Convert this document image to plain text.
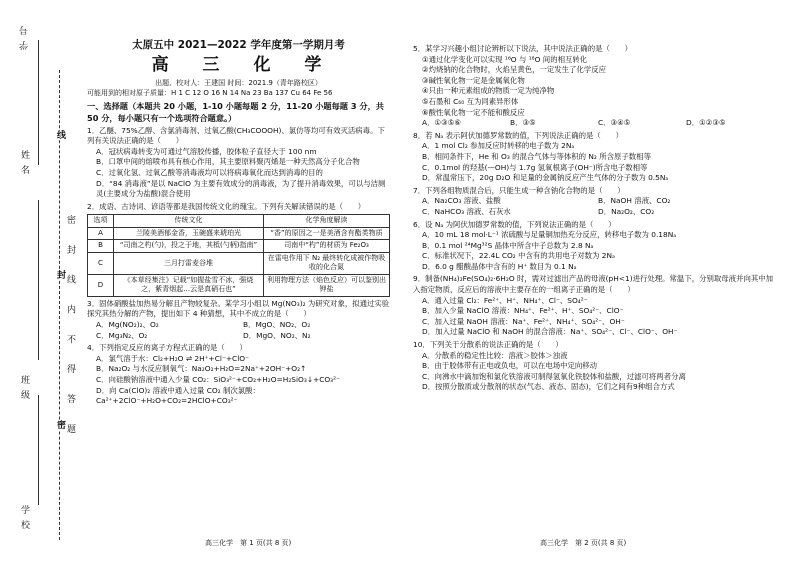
姓名
学号
班级
学校
线
封
密 密 封 线 内 不 得 答 题
太原五中 2021—2022 学年度第一学期月考
高 三 化 学
出题、校对人：王建国 时间：2021.9（青年路校区）
可能用到的相对原子质量：H 1 C 12 O 16 N 14 Na 23 Ba 137 Cu 64 Fe 56
一、选择题（本题共 20 小题，1-10 小题每题 2 分，11-20 小题每题 3 分，共 50 分，每小题只有一个选项符合题意。）
1．乙醚、75%乙醇、含氯消毒剂、过氧乙酸(CH₃COOOH)、氯仿等均可有效灭活病毒。下列有关说法正确的是（　　）
A．冠状病毒转变为可通过气溶胶传播，胶体粒子直径大于 100 nm
B．口罩中间的熔喷布具有核心作用，其主要原料聚丙烯是一种天然高分子化合物
C．过氧化氢、过氧乙酸等消毒液均可以将病毒氧化而达到消毒的目的
D．“84 消毒液”是以 NaClO 为主要有效成分的消毒液，为了提升消毒效果，可以与洁厕灵(主要成分为盐酸)混合使用
2．成语、古诗词、谚语等都是我国传统文化的瑰宝。下列有关解读错误的是（　　）
选项	传统文化	化学角度解读
A	兰陵美酒郁金香，玉碗盛来琥珀光	“香”的原因之一是美酒含有酯类物质
B	“司南之杓(勺)，投之于地，其柢(勺柄)指南”	司南中“杓”的材质为 Fe₂O₃
C	三月打雷麦谷堆	在雷电作用下 N₂ 最终转化成被作物吸收的化合氮
D	《本草经集注》记载“如握盐雪不冰，强烧之，紫青烟起…云是真硝石也”	利用物理方法（焰色反应）可以鉴别出钾盐
3．固体硝酸盐加热易分解且产物较复杂。某学习小组以 Mg(NO₃)₂ 为研究对象，拟通过实验探究其热分解的产物，提出如下 4 种猜想，其中不成立的是（　　）
A．Mg(NO₂)₂、O₂	B．MgO、NO₂、O₂
C．Mg₃N₂、O₂	D．MgO、NO₂、N₂
4．下列指定反应的离子方程式正确的是（　　）
A．氯气溶于水：Cl₂+H₂O ⇌ 2H⁺+Cl⁻+ClO⁻
B．Na₂O₂ 与水反应制氧气：Na₂O₂+H₂O=2Na⁺+2OH⁻+O₂↑
C．向硅酸钠溶液中通入少量 CO₂：SiO₃²⁻+CO₂+H₂O=H₂SiO₃↓+CO₃²⁻
D．向 Ca(ClO)₂ 溶液中通入过量 CO₂ 制次氯酸：Ca²⁺+2ClO⁻+H₂O+CO₂=2HClO+CO₃²⁻
5．某学习兴趣小组讨论辨析以下说法，其中说法正确的是（　　）
①通过化学变化可以实现 ¹⁶O 与 ¹⁸O 间的相互转化
②灼烧钠的化合物时，火焰呈黄色，一定发生了化学反应
③碱性氧化物一定是金属氧化物
④只由一种元素组成的物质一定为纯净物
⑤石墨和 C₆₀ 互为同素异形体
⑥酸性氧化物一定不能和酸反应
A．①③⑤⑥	B．③⑤	C．③④⑤	D．①②③⑤
8．若 Nₐ 表示阿伏加德罗常数的值，下列说法正确的是（　　）
A．1 mol Cl₂ 参加反应时转移的电子数为 2Nₐ
B．相同条件下，He 和 O₃ 的混合气体与等体积的 N₂ 所含原子数相等
C．0.1mol 的羟基(—OH)与 1.7g 氢氧根离子(OH⁻)所含电子数相等
D．常温常压下，20g D₂O 和足量的金属钠反应产生气体的分子数为 0.5Nₐ
7．下列各组物质混合后，只能生成一种含钠化合物的是（　　）
A．Na₂CO₃ 溶液、盐酸	B．NaOH 溶液、CO₂
C．NaHCO₃ 溶液、石灰水	D．Na₂O₂、CO₂
6．设 Nₐ 为阿伏加德罗常数的值，下列说法正确的是（　　）
A．10 mL 18 mol·L⁻¹ 浓硫酸与足量铜加热充分反应，转移电子数为 0.18Nₐ
B．0.1 mol ²⁴Mg³²S 晶体中所含中子总数为 2.8 Nₐ
C．标准状况下，22.4L CO₂ 中含有的共用电子对数为 2Nₐ
D．6.0 g 醋酸晶体中含有的 H⁺ 数目为 0.1 Nₐ
9．制备(NH₄)₂Fe(SO₄)₂·6H₂O 时，需对过滤出产品的母液(pH<1)进行处理。常温下，分别取母液并向其中加入指定物质，反应后的溶液中主要存在的一组离子正确的是（　　）
A．通入过量 Cl₂：Fe²⁺、H⁺、NH₄⁺、Cl⁻、SO₄²⁻
B．加入少量 NaClO 溶液：NH₄⁺、Fe²⁺、H⁺、SO₄²⁻、ClO⁻
C．加入过量 NaOH 溶液：Na⁺、Fe²⁺、NH₄⁺、SO₄²⁻、OH⁻
D．加入过量 NaClO 和 NaOH 的混合溶液：Na⁺、SO₄²⁻、Cl⁻、ClO⁻、OH⁻
10．下列关于分散系的说法正确的是（　　）
A．分散系的稳定性比较：溶液＞胶体＞浊液
B．由于胶体带有正电或负电，可以在电场中定向移动
C．向沸水中滴加饱和氯化铁溶液可制得氢氧化铁胶体和盐酸，过滤可将两者分离
D．按照分散质或分散剂的状态(气态、液态、固态)，它们之间有9种组合方式
高三化学　第 1 页(共 8 页)	高三化学　第 2 页(共 8 页)
